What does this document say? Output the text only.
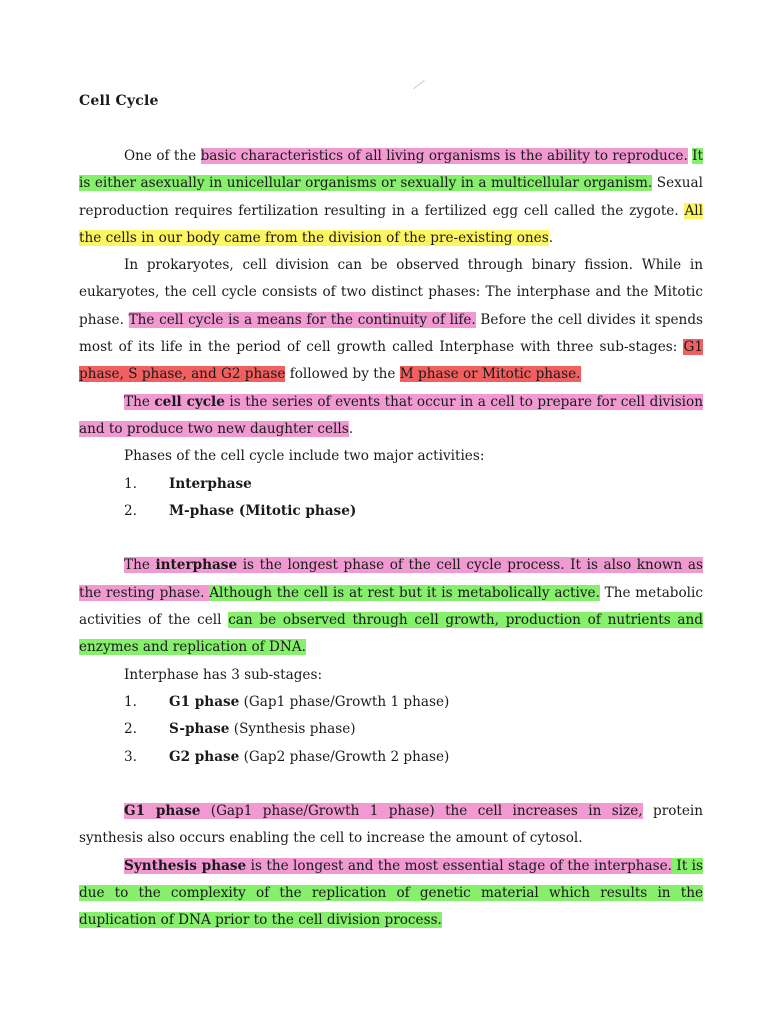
Cell Cycle

One of the basic characteristics of all living organisms is the ability to reproduce. It is either asexually in unicellular organisms or sexually in a multicellular organism. Sexual reproduction requires fertilization resulting in a fertilized egg cell called the zygote. All the cells in our body came from the division of the pre-existing ones.

In prokaryotes, cell division can be observed through binary fission. While in eukaryotes, the cell cycle consists of two distinct phases: The interphase and the Mitotic phase. The cell cycle is a means for the continuity of life. Before the cell divides it spends most of its life in the period of cell growth called Interphase with three sub-stages: G1 phase, S phase, and G2 phase followed by the M phase or Mitotic phase.

The cell cycle is the series of events that occur in a cell to prepare for cell division and to produce two new daughter cells.

Phases of the cell cycle include two major activities:

1.	Interphase
2.	M-phase (Mitotic phase)

The interphase is the longest phase of the cell cycle process. It is also known as the resting phase. Although the cell is at rest but it is metabolically active. The metabolic activities of the cell can be observed through cell growth, production of nutrients and enzymes and replication of DNA.

Interphase has 3 sub-stages:

1.	G1 phase (Gap1 phase/Growth 1 phase)
2.	S-phase (Synthesis phase)
3.	G2 phase (Gap2 phase/Growth 2 phase)

G1 phase (Gap1 phase/Growth 1 phase) the cell increases in size, protein synthesis also occurs enabling the cell to increase the amount of cytosol.

Synthesis phase is the longest and the most essential stage of the interphase. It is due to the complexity of the replication of genetic material which results in the duplication of DNA prior to the cell division process.
